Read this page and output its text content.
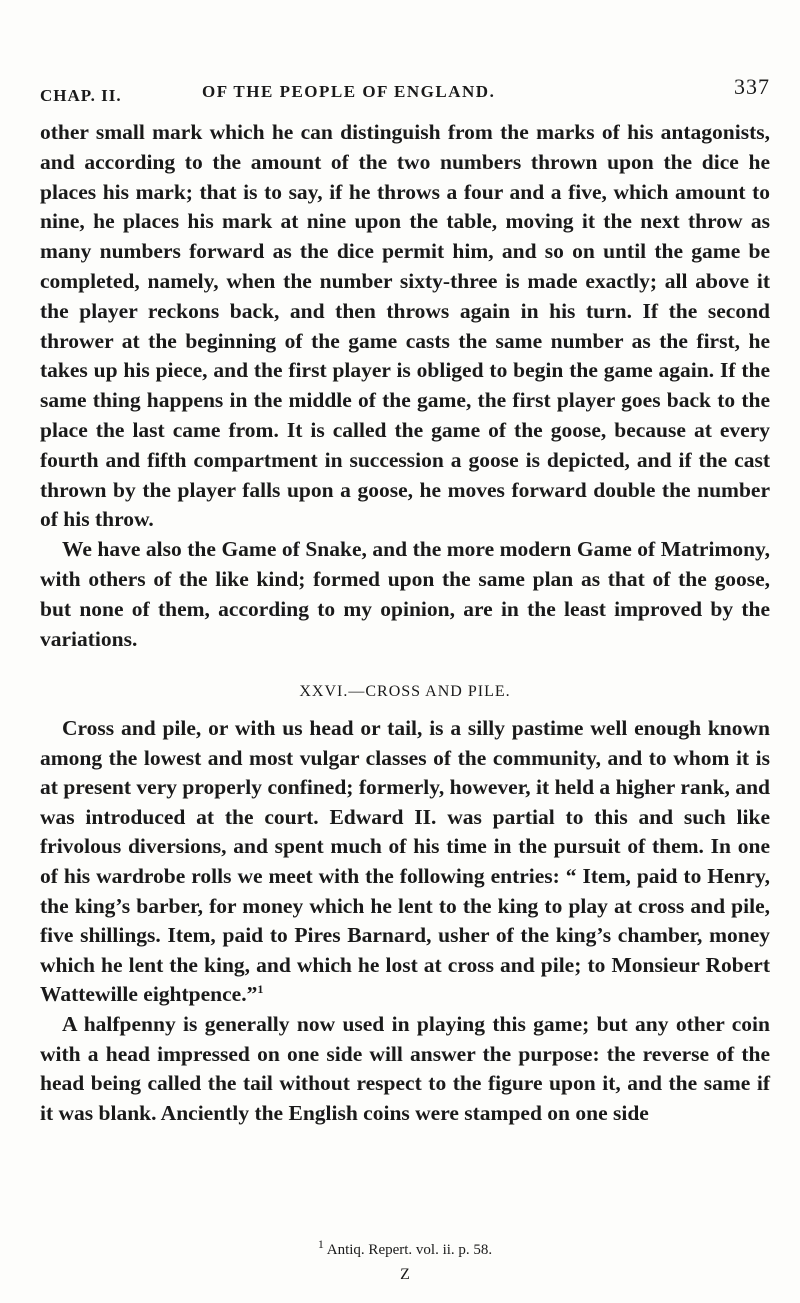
CHAP. II.	OF THE PEOPLE OF ENGLAND.	337

other small mark which he can distinguish from the marks of his antagonists, and according to the amount of the two numbers thrown upon the dice he places his mark; that is to say, if he throws a four and a five, which amount to nine, he places his mark at nine upon the table, moving it the next throw as many numbers forward as the dice permit him, and so on until the game be completed, namely, when the number sixty-three is made exactly; all above it the player reckons back, and then throws again in his turn. If the second thrower at the beginning of the game casts the same number as the first, he takes up his piece, and the first player is obliged to begin the game again. If the same thing happens in the middle of the game, the first player goes back to the place the last came from. It is called the game of the goose, because at every fourth and fifth compartment in succession a goose is depicted, and if the cast thrown by the player falls upon a goose, he moves forward double the number of his throw.

We have also the Game of Snake, and the more modern Game of Matrimony, with others of the like kind; formed upon the same plan as that of the goose, but none of them, according to my opinion, are in the least improved by the variations.

XXVI.—CROSS AND PILE.

Cross and pile, or with us head or tail, is a silly pastime well enough known among the lowest and most vulgar classes of the community, and to whom it is at present very properly confined; formerly, however, it held a higher rank, and was introduced at the court. Edward II. was partial to this and such like frivolous diversions, and spent much of his time in the pursuit of them. In one of his wardrobe rolls we meet with the following entries: “ Item, paid to Henry, the king’s barber, for money which he lent to the king to play at cross and pile, five shillings. Item, paid to Pires Barnard, usher of the king’s chamber, money which he lent the king, and which he lost at cross and pile; to Monsieur Robert Wattewille eightpence.”$^1$

A halfpenny is generally now used in playing this game; but any other coin with a head impressed on one side will answer the purpose: the reverse of the head being called the tail without respect to the figure upon it, and the same if it was blank. Anciently the English coins were stamped on one side

$^1$ Antiq. Repert. vol. ii. p. 58.
Z
